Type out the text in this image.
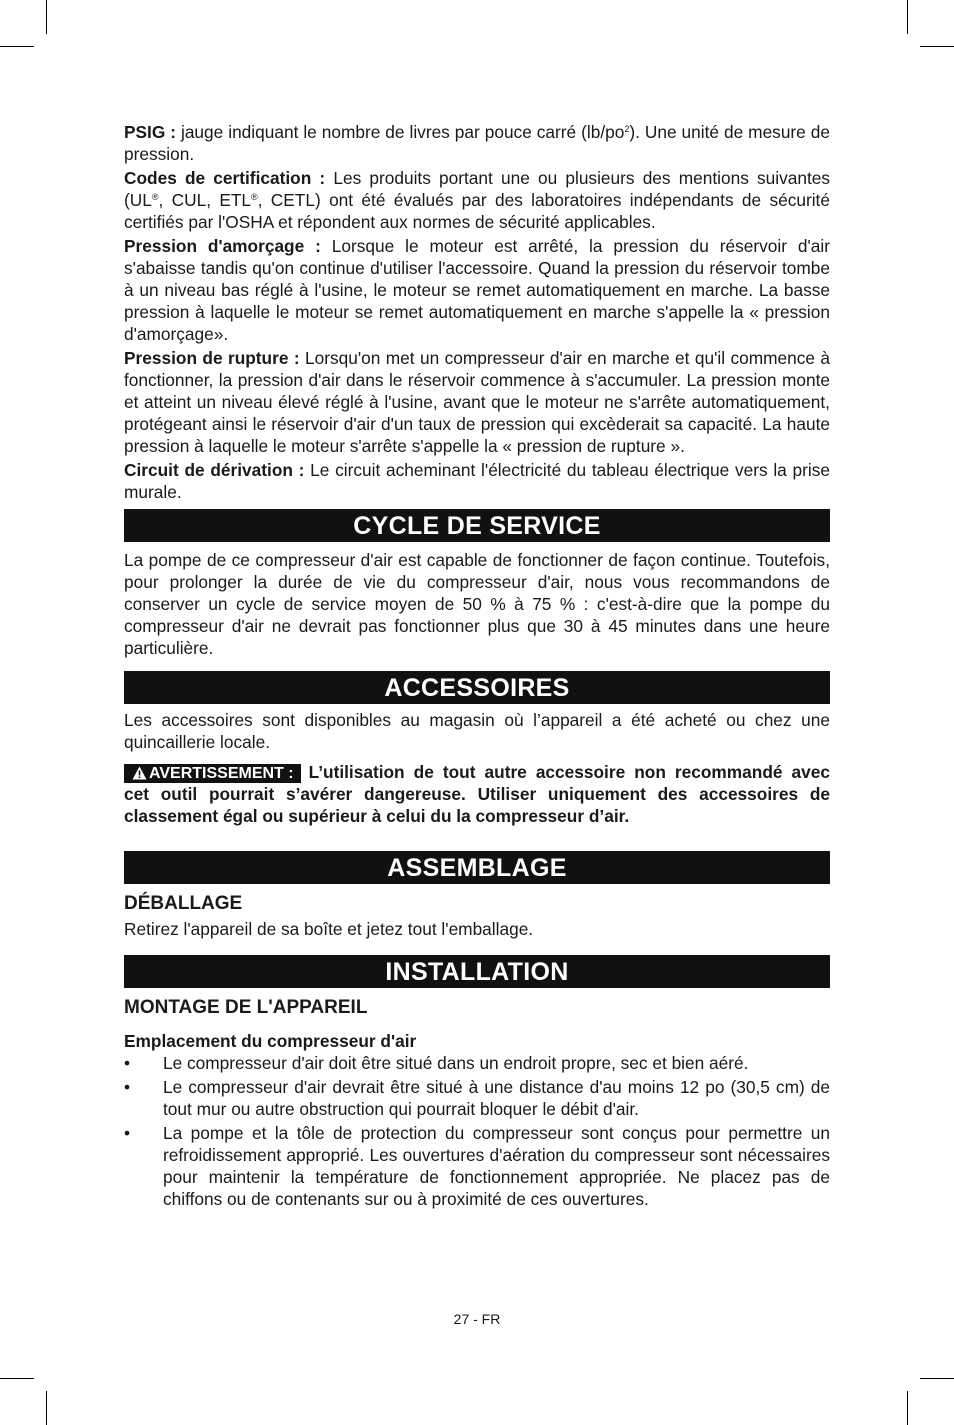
PSIG : jauge indiquant le nombre de livres par pouce carré $(lb/po^2)$. Une unité de mesure de pression.

Codes de certification : Les produits portant une ou plusieurs des mentions suivantes (UL®, CUL, ETL®, CETL) ont été évalués par des laboratoires indépendants de sécurité certifiés par l'OSHA et répondent aux normes de sécurité applicables.

Pression d'amorçage : Lorsque le moteur est arrêté, la pression du réservoir d'air s'abaisse tandis qu'on continue d'utiliser l'accessoire. Quand la pression du réservoir tombe à un niveau bas réglé à l'usine, le moteur se remet automatiquement en marche. La basse pression à laquelle le moteur se remet automatiquement en marche s'appelle la « pression d'amorçage».

Pression de rupture : Lorsqu'on met un compresseur d'air en marche et qu'il commence à fonctionner, la pression d'air dans le réservoir commence à s'accumuler. La pression monte et atteint un niveau élevé réglé à l'usine, avant que le moteur ne s'arrête automatiquement, protégeant ainsi le réservoir d'air d'un taux de pression qui excèderait sa capacité. La haute pression à laquelle le moteur s'arrête s'appelle la « pression de rupture ».

Circuit de dérivation : Le circuit acheminant l'électricité du tableau électrique vers la prise murale.

CYCLE DE SERVICE

La pompe de ce compresseur d'air est capable de fonctionner de façon continue. Toutefois, pour prolonger la durée de vie du compresseur d'air, nous vous recommandons de conserver un cycle de service moyen de 50 % à 75 % : c'est-à-dire que la pompe du compresseur d'air ne devrait pas fonctionner plus que 30 à 45 minutes dans une heure particulière.

ACCESSOIRES

Les accessoires sont disponibles au magasin où l’appareil a été acheté ou chez une quincaillerie locale.

AVERTISSEMENT : L’utilisation de tout autre accessoire non recommandé avec cet outil pourrait s’avérer dangereuse. Utiliser uniquement des accessoires de classement égal ou supérieur à celui du la compresseur d’air.

ASSEMBLAGE
DÉBALLAGE

Retirez l'appareil de sa boîte et jetez tout l'emballage.

INSTALLATION
MONTAGE DE L'APPAREIL
Emplacement du compresseur d'air
• Le compresseur d'air doit être situé dans un endroit propre, sec et bien aéré.
• Le compresseur d'air devrait être situé à une distance d'au moins 12 po (30,5 cm) de tout mur ou autre obstruction qui pourrait bloquer le débit d'air.
• La pompe et la tôle de protection du compresseur sont conçus pour permettre un refroidissement approprié. Les ouvertures d'aération du compresseur sont nécessaires pour maintenir la température de fonctionnement appropriée. Ne placez pas de chiffons ou de contenants sur ou à proximité de ces ouvertures.
27 - FR
